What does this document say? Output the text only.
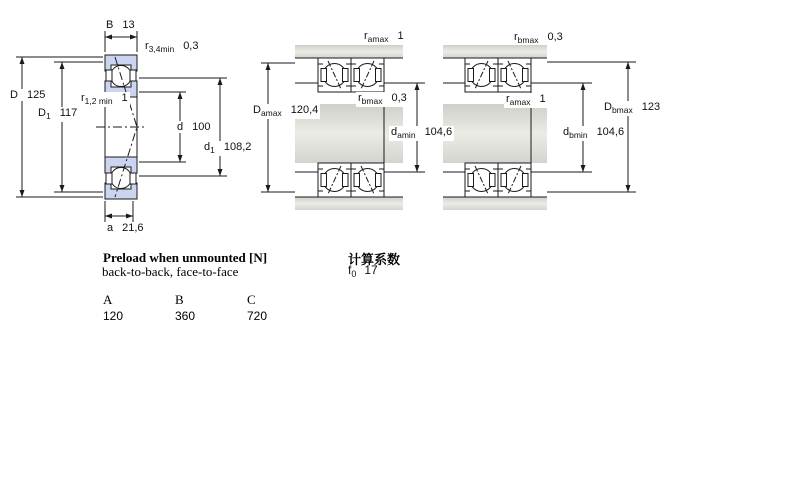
B 13
$r_{3,4min}$ 0,3
D 125
$D_1$ 117
$r_{1,2 min}$ 1
d 100
$d_1$ 108,2
a 21,6
$r_{amax}$ 1
$r_{bmax}$ 0,3
$D_{amax}$ 120,4
$d_{amin}$ 104,6
$r_{bmax}$ 0,3
$r_{amax}$ 1
$D_{bmax}$ 123
$d_{bmin}$ 104,6
Preload when unmounted [N]
back-to-back, face-to-face
A	B	C
120	360	720
计算系数
$f_0$ 17
